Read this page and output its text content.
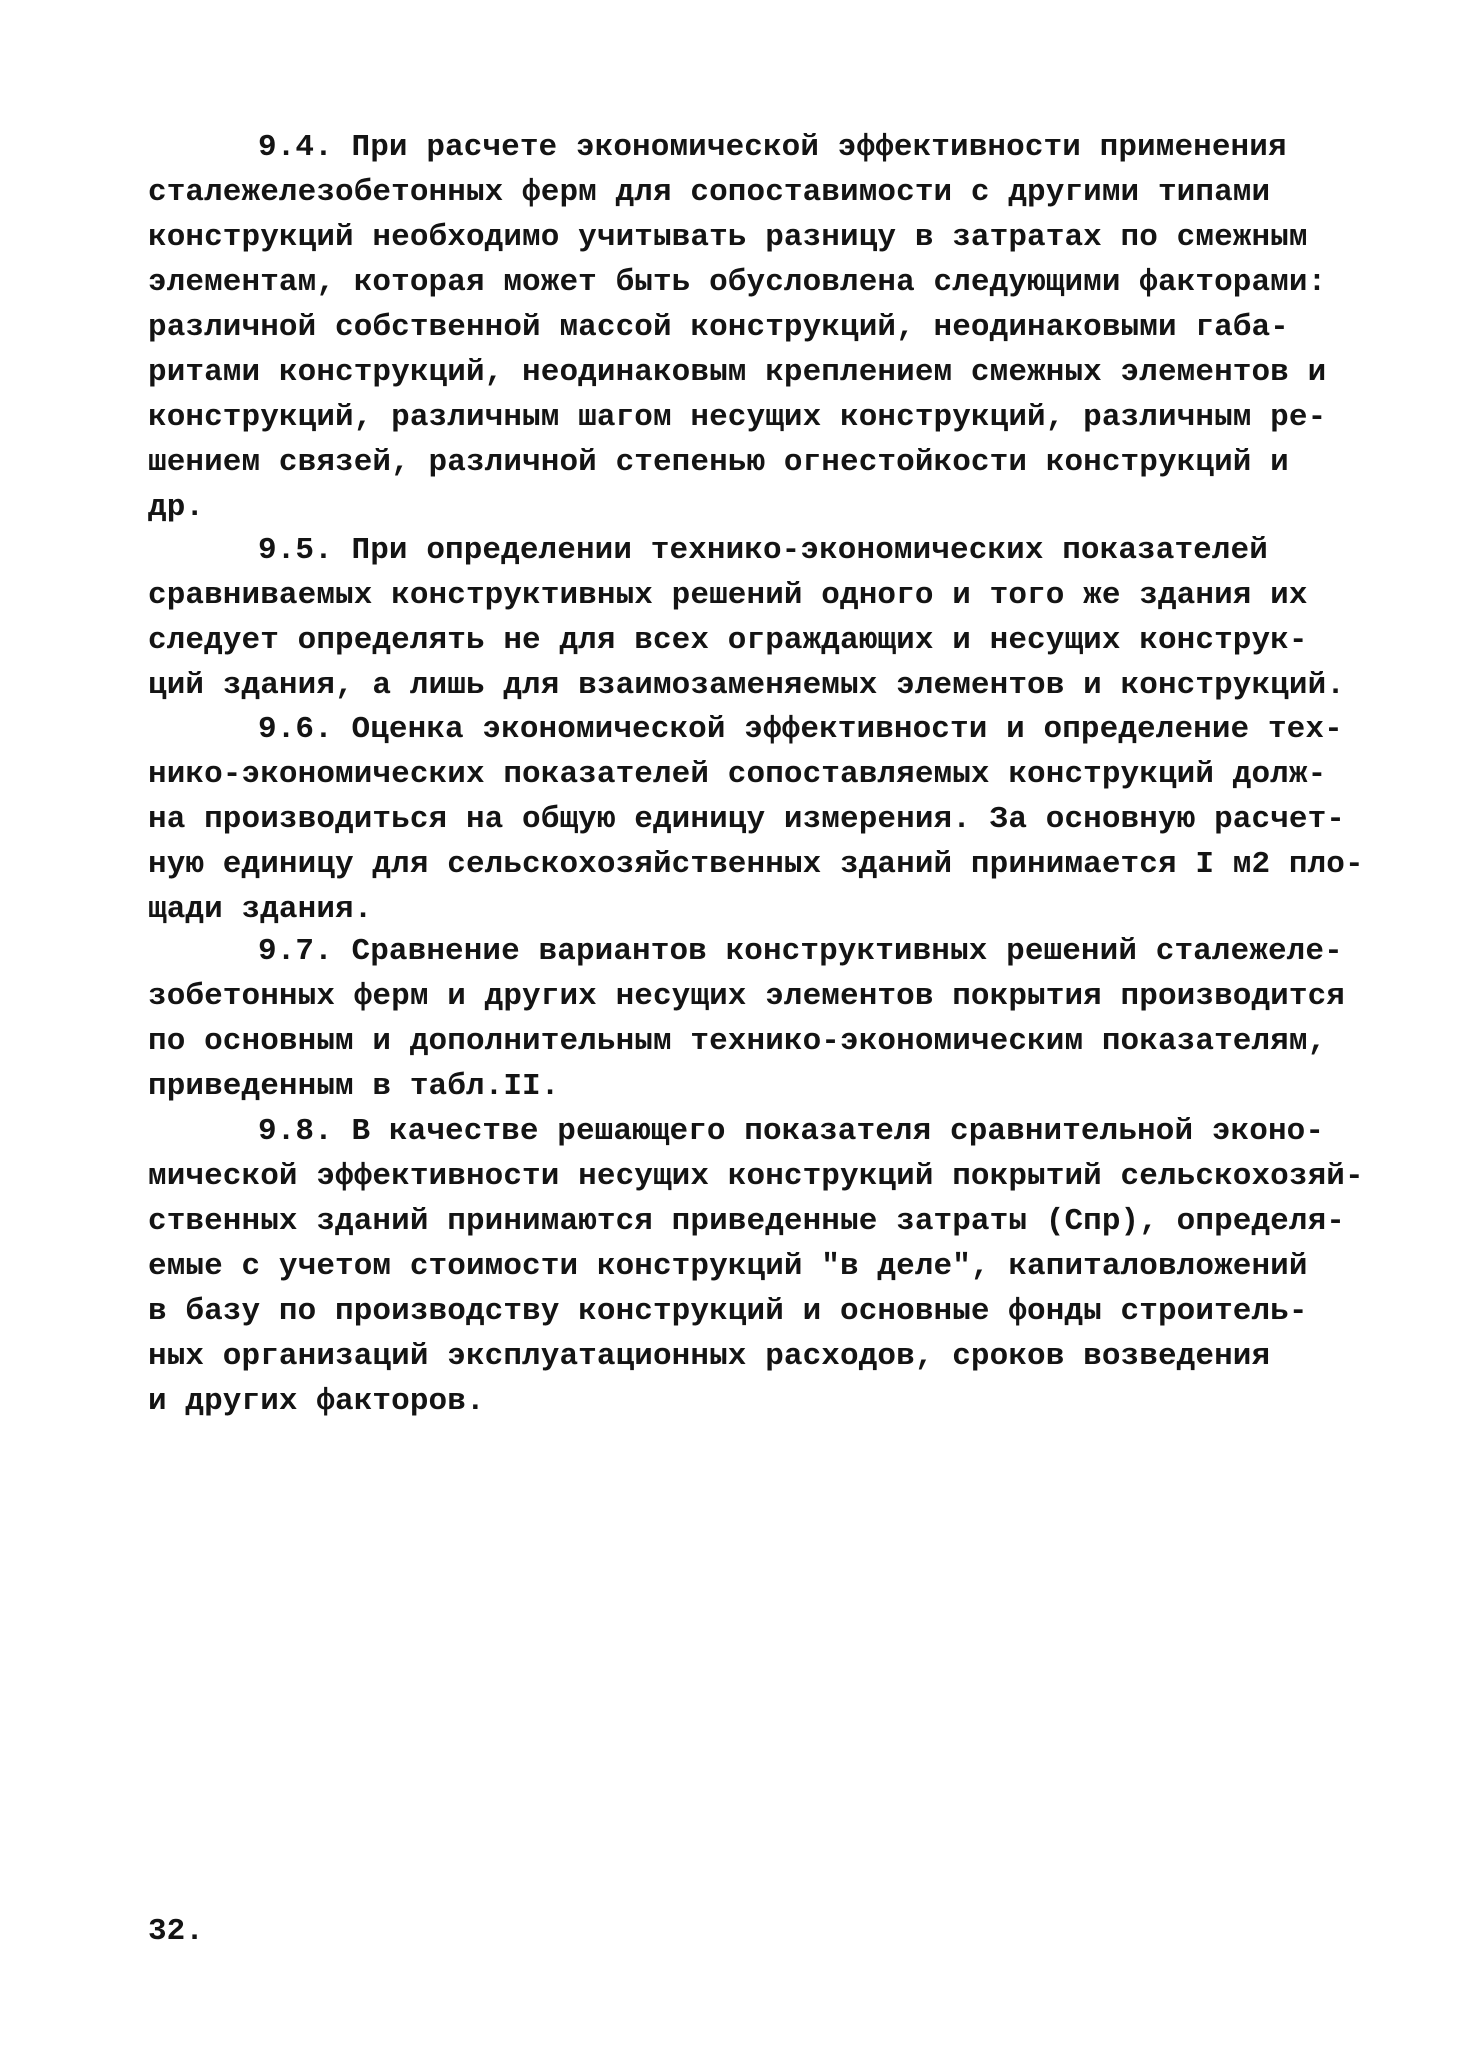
9.4. При расчете экономической эффективности применения
сталежелезобетонных ферм для сопоставимости с другими типами
конструкций необходимо учитывать разницу в затратах по смежным
элементам, которая может быть обусловлена следующими факторами:
различной собственной массой конструкций, неодинаковыми габа-
ритами конструкций, неодинаковым креплением смежных элементов и
конструкций, различным шагом несущих конструкций, различным ре-
шением связей, различной степенью огнестойкости конструкций и
др.
9.5. При определении технико-экономических показателей
сравниваемых конструктивных решений одного и того же здания их
следует определять не для всех ограждающих и несущих конструк-
ций здания, а лишь для взаимозаменяемых элементов и конструкций.
9.6. Оценка экономической эффективности и определение тех-
нико-экономических показателей сопоставляемых конструкций долж-
на производиться на общую единицу измерения. За основную расчет-
ную единицу для сельскохозяйственных зданий принимается I м2 пло-
щади здания.
9.7. Сравнение вариантов конструктивных решений сталежеле-
зобетонных ферм и других несущих элементов покрытия производится
по основным и дополнительным технико-экономическим показателям,
приведенным в табл.II.
9.8. В качестве решающего показателя сравнительной эконо-
мической эффективности несущих конструкций покрытий сельскохозяй-
ственных зданий принимаются приведенные затраты (Спр), определя-
емые с учетом стоимости конструкций "в деле", капиталовложений
в базу по производству конструкций и основные фонды строитель-
ных организаций эксплуатационных расходов, сроков возведения
и других факторов.
32.
